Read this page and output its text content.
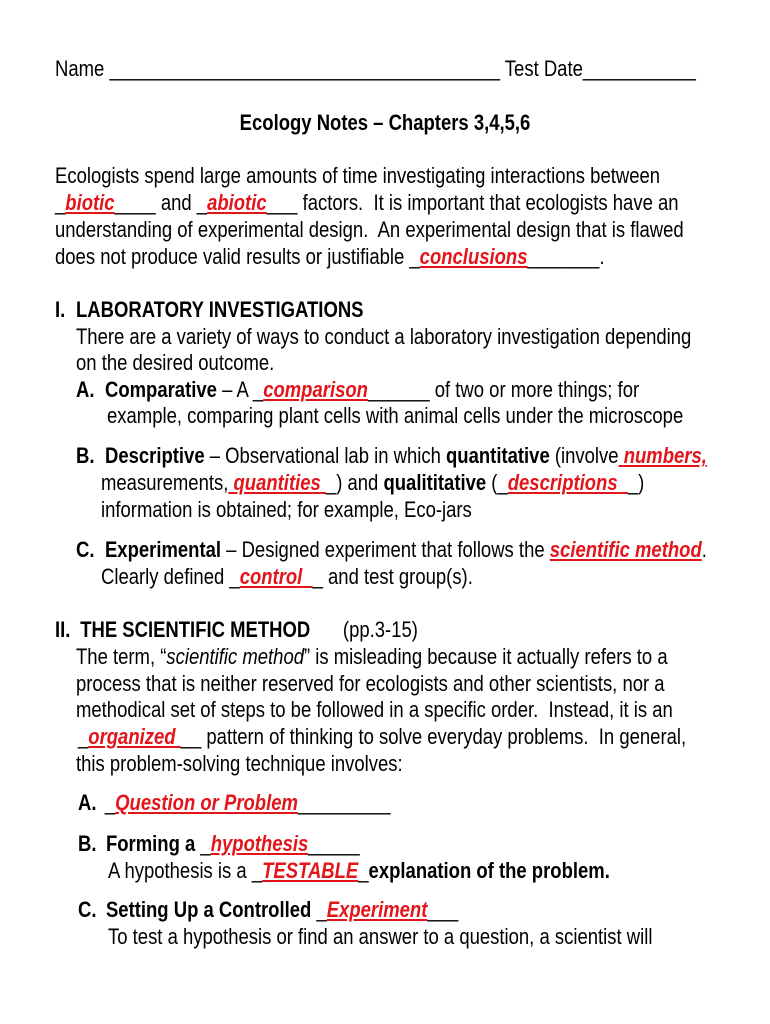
Name ______________________________________ Test Date___________
Ecology Notes – Chapters 3,4,5,6
Ecologists spend large amounts of time investigating interactions between
_biotic____ and _abiotic___ factors.  It is important that ecologists have an
understanding of experimental design.  An experimental design that is flawed
does not produce valid results or justifiable _conclusions_______.
I. LABORATORY INVESTIGATIONS
There are a variety of ways to conduct a laboratory investigation depending
on the desired outcome.
A. Comparative – A _comparison______ of two or more things; for
example, comparing plant cells with animal cells under the microscope
B. Descriptive – Observational lab in which quantitative (involve numbers,
measurements, quantities _) and qualititative (_descriptions _)
information is obtained; for example, Eco-jars
C. Experimental – Designed experiment that follows the scientific method.
Clearly defined _control _ and test group(s).
II. THE SCIENTIFIC METHOD (pp.3-15)
The term, “scientific method” is misleading because it actually refers to a
process that is neither reserved for ecologists and other scientists, nor a
methodical set of steps to be followed in a specific order.  Instead, it is an
_organized __ pattern of thinking to solve everyday problems.  In general,
this problem-solving technique involves:
A. _Question or Problem_________
B. Forming a _hypothesis_____
A hypothesis is a _TESTABLE_explanation of the problem.
C. Setting Up a Controlled _Experiment___
To test a hypothesis or find an answer to a question, a scientist will
